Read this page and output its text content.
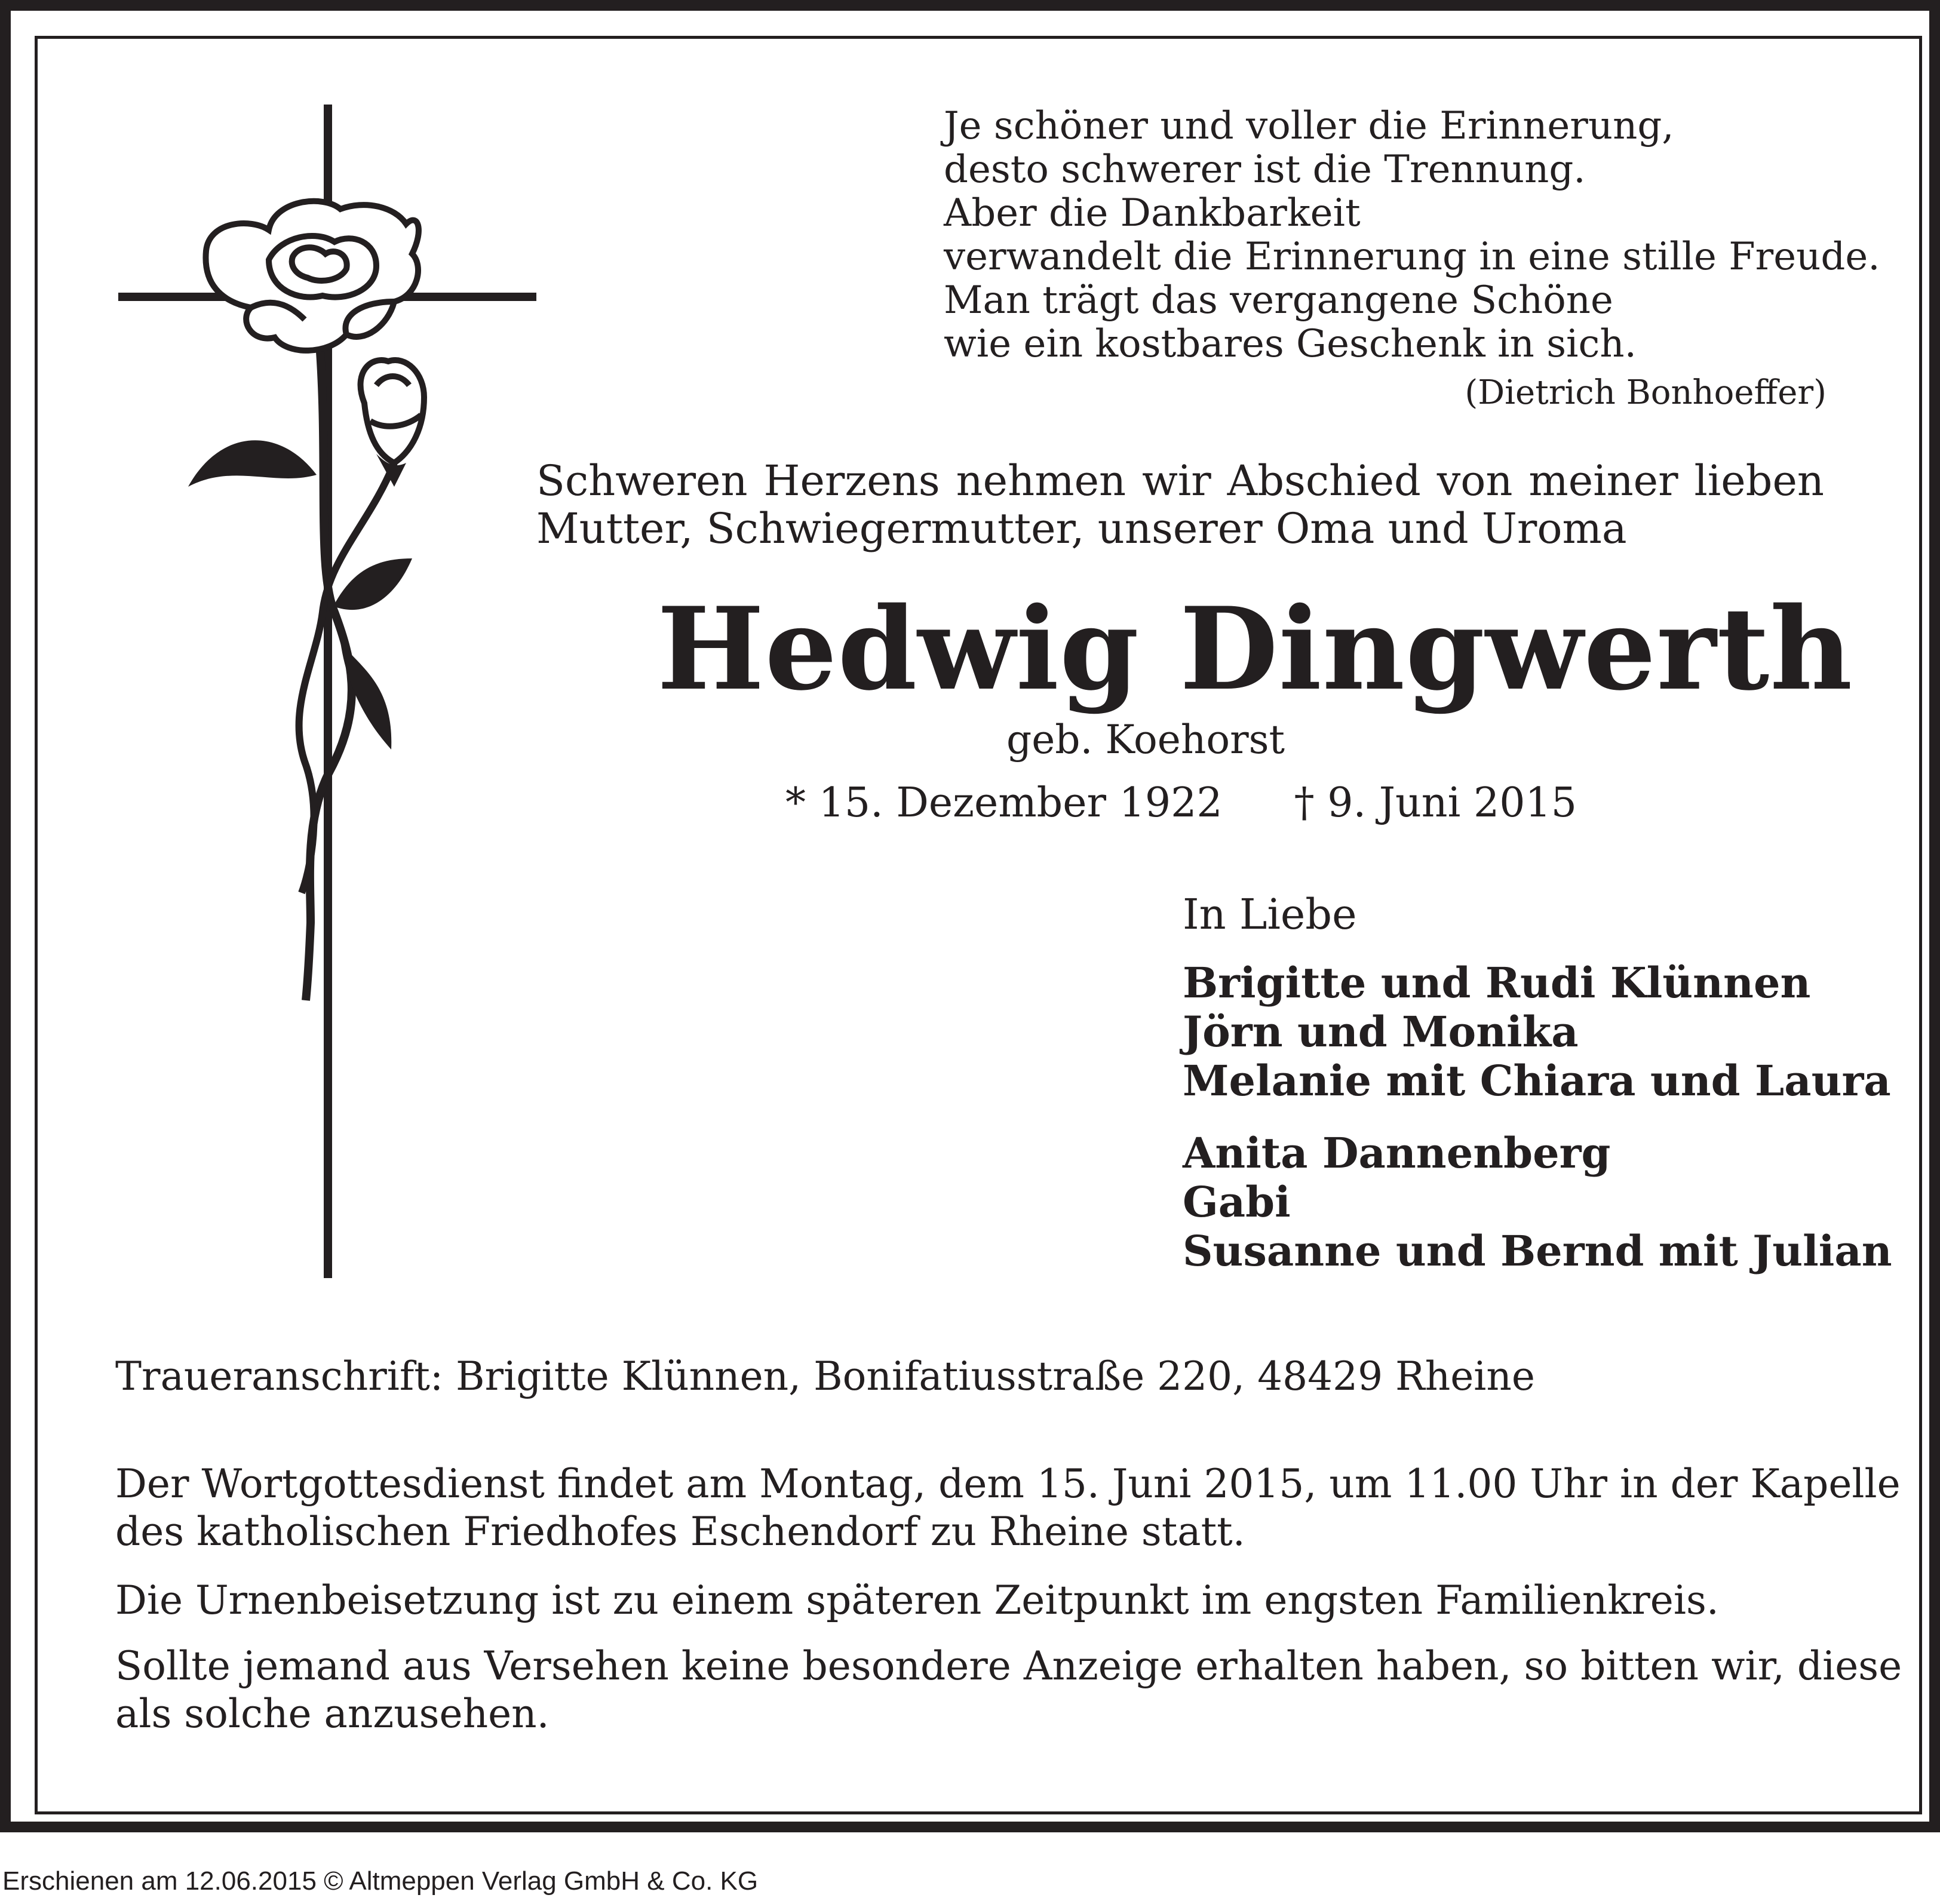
Je schöner und voller die Erinnerung,
desto schwerer ist die Trennung.
Aber die Dankbarkeit
verwandelt die Erinnerung in eine stille Freude.
Man trägt das vergangene Schöne
wie ein kostbares Geschenk in sich.
(Dietrich Bonhoeffer)
Schweren Herzens nehmen wir Abschied von meiner lieben
Mutter, Schwiegermutter, unserer Oma und Uroma
Hedwig Dingwerth
geb. Koehorst
* 15. Dezember 1922 † 9. Juni 2015
In Liebe
Brigitte und Rudi Klünnen
Jörn und Monika
Melanie mit Chiara und Laura
Anita Dannenberg
Gabi
Susanne und Bernd mit Julian
Traueranschrift: Brigitte Klünnen, Bonifatiusstraße 220, 48429 Rheine
Der Wortgottesdienst findet am Montag, dem 15. Juni 2015, um 11.00 Uhr in der Kapelle
des katholischen Friedhofes Eschendorf zu Rheine statt.
Die Urnenbeisetzung ist zu einem späteren Zeitpunkt im engsten Familienkreis.
Sollte jemand aus Versehen keine besondere Anzeige erhalten haben, so bitten wir, diese
als solche anzusehen.
Erschienen am 12.06.2015 © Altmeppen Verlag GmbH & Co. KG
